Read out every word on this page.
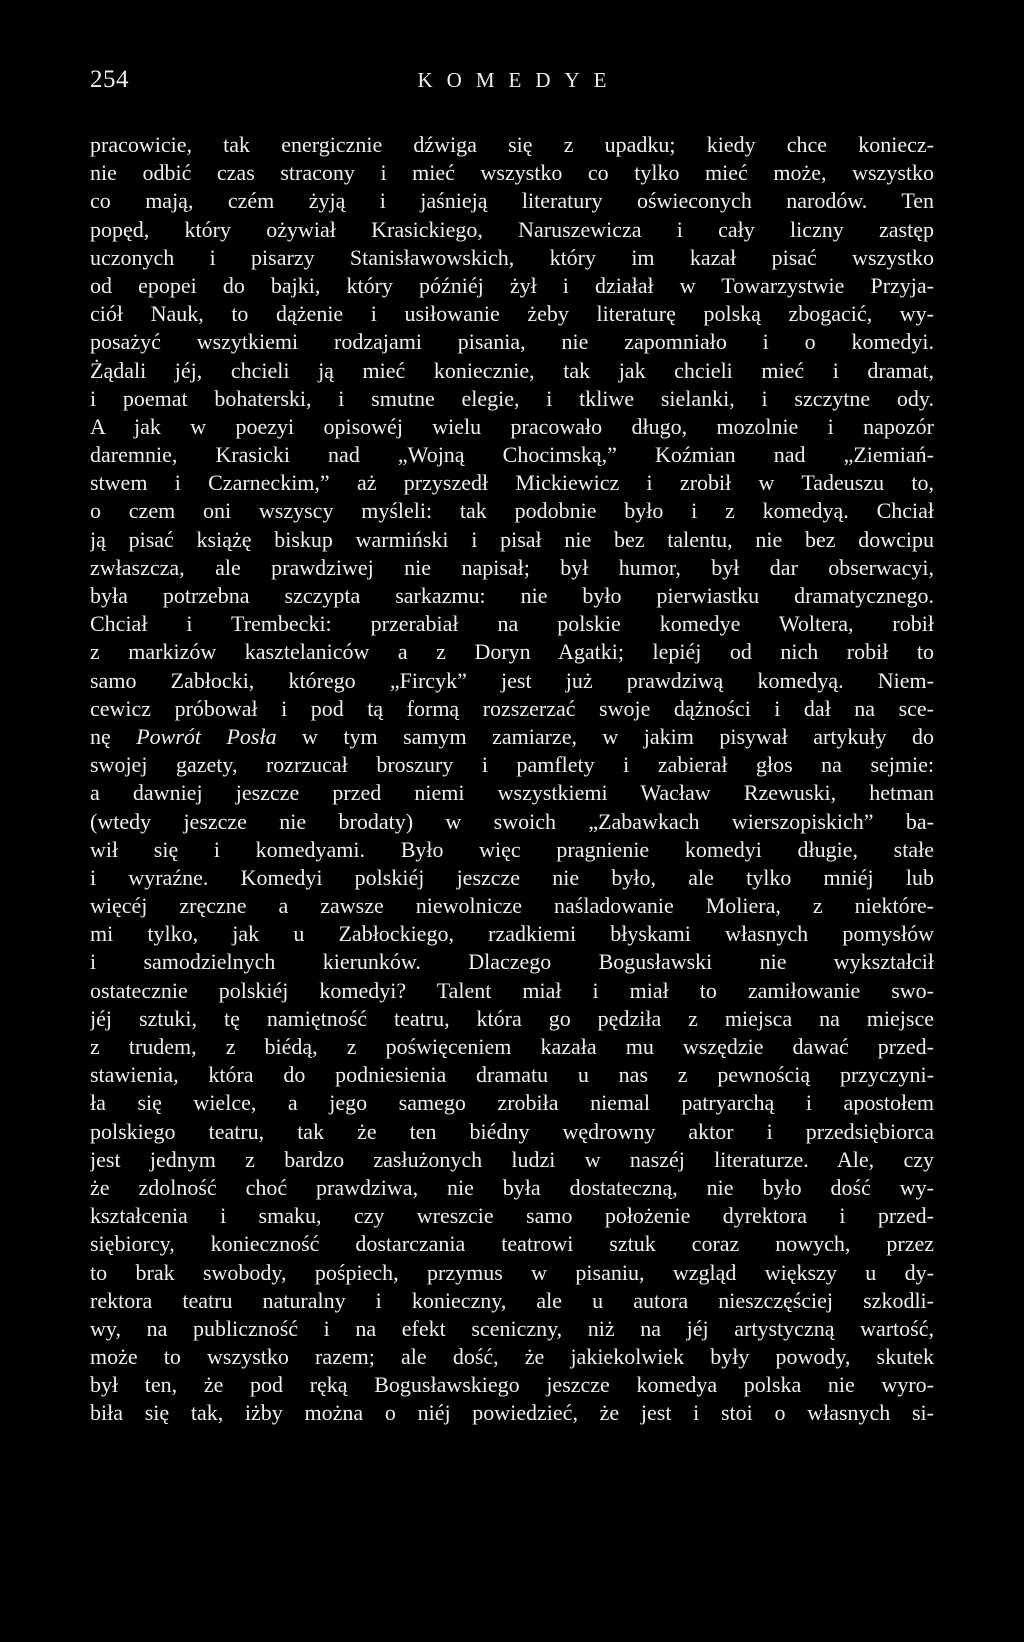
254	KOMEDYE
pracowicie, tak energicznie dźwiga się z upadku; kiedy chce koniecz-
nie odbić czas stracony i mieć wszystko co tylko mieć może, wszystko
co mają, czém żyją i jaśnieją literatury oświeconych narodów. Ten
popęd, który ożywiał Krasickiego, Naruszewicza i cały liczny zastęp
uczonych i pisarzy Stanisławowskich, który im kazał pisać wszystko
od epopei do bajki, który późniéj żył i działał w Towarzystwie Przyja-
ciół Nauk, to dążenie i usiłowanie żeby literaturę polską zbogacić, wy-
posażyć wszytkiemi rodzajami pisania, nie zapomniało i o komedyi.
Żądali jéj, chcieli ją mieć koniecznie, tak jak chcieli mieć i dramat,
i poemat bohaterski, i smutne elegie, i tkliwe sielanki, i szczytne ody.
A jak w poezyi opisowéj wielu pracowało długo, mozolnie i napozór
daremnie, Krasicki nad „Wojną Chocimską,” Koźmian nad „Ziemiań-
stwem i Czarneckim,” aż przyszedł Mickiewicz i zrobił w Tadeuszu to,
o czem oni wszyscy myśleli: tak podobnie było i z komedyą. Chciał
ją pisać książę biskup warmiński i pisał nie bez talentu, nie bez dowcipu
zwłaszcza, ale prawdziwej nie napisał; był humor, był dar obserwacyi,
była potrzebna szczypta sarkazmu: nie było pierwiastku dramatycznego.
Chciał i Trembecki: przerabiał na polskie komedye Woltera, robił
z markizów kasztelaniców a z Doryn Agatki; lepiéj od nich robił to
samo Zabłocki, którego „Fircyk” jest już prawdziwą komedyą. Niem-
cewicz próbował i pod tą formą rozszerzać swoje dążności i dał na sce-
nę Powrót Posła w tym samym zamiarze, w jakim pisywał artykuły do
swojej gazety, rozrzucał broszury i pamflety i zabierał głos na sejmie:
a dawniej jeszcze przed niemi wszystkiemi Wacław Rzewuski, hetman
(wtedy jeszcze nie brodaty) w swoich „Zabawkach wierszopiskich” ba-
wił się i komedyami. Było więc pragnienie komedyi długie, stałe
i wyraźne. Komedyi polskiéj jeszcze nie było, ale tylko mniéj lub
więcéj zręczne a zawsze niewolnicze naśladowanie Moliera, z niektóre-
mi tylko, jak u Zabłockiego, rzadkiemi błyskami własnych pomysłów
i samodzielnych kierunków. Dlaczego Bogusławski nie wykształcił
ostatecznie polskiéj komedyi? Talent miał i miał to zamiłowanie swo-
jéj sztuki, tę namiętność teatru, która go pędziła z miejsca na miejsce
z trudem, z biédą, z poświęceniem kazała mu wszędzie dawać przed-
stawienia, która do podniesienia dramatu u nas z pewnością przyczyni-
ła się wielce, a jego samego zrobiła niemal patryarchą i apostołem
polskiego teatru, tak że ten biédny wędrowny aktor i przedsiębiorca
jest jednym z bardzo zasłużonych ludzi w naszéj literaturze. Ale, czy
że zdolność choć prawdziwa, nie była dostateczną, nie było dość wy-
kształcenia i smaku, czy wreszcie samo położenie dyrektora i przed-
siębiorcy, konieczność dostarczania teatrowi sztuk coraz nowych, przez
to brak swobody, pośpiech, przymus w pisaniu, wzgląd większy u dy-
rektora teatru naturalny i konieczny, ale u autora nieszczęściej szkodli-
wy, na publiczność i na efekt sceniczny, niż na jéj artystyczną wartość,
może to wszystko razem; ale dość, że jakiekolwiek były powody, skutek
był ten, że pod ręką Bogusławskiego jeszcze komedya polska nie wyro-
biła się tak, iżby można o niéj powiedzieć, że jest i stoi o własnych si-
